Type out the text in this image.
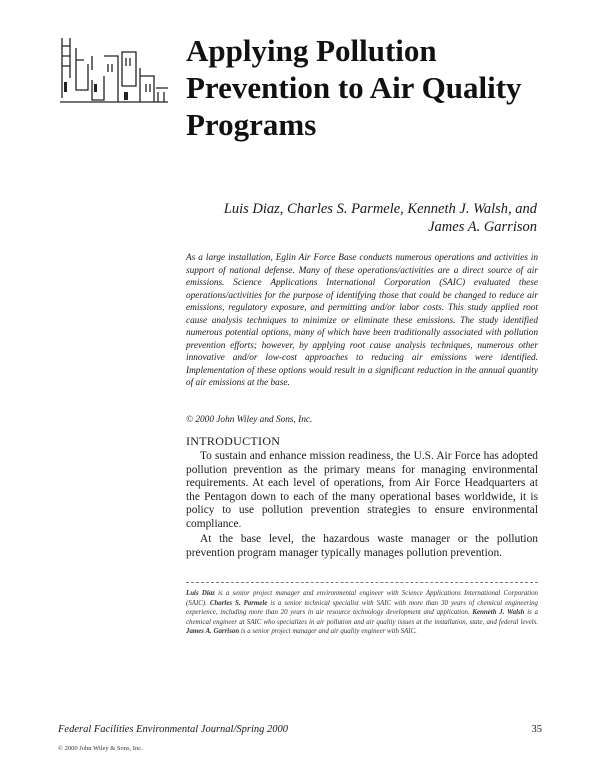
Applying Pollution
Prevention to Air Quality
Programs
Luis Diaz, Charles S. Parmele, Kenneth J. Walsh, and
James A. Garrison

As a large installation, Eglin Air Force Base conducts numerous operations and activities in support of national defense. Many of these operations/activities are a direct source of air emissions. Science Applications International Corporation (SAIC) evaluated these operations/activities for the purpose of identifying those that could be changed to reduce air emissions, regulatory exposure, and permitting and/or labor costs. This study applied root cause analysis techniques to minimize or eliminate these emissions. The study identified numerous potential options, many of which have been traditionally associated with pollution prevention efforts; however, by applying root cause analysis techniques, numerous other innovative and/or low-cost approaches to reducing air emissions were identified. Implementation of these options would result in a significant reduction in the annual quantity of air emissions at the base.

© 2000 John Wiley and Sons, Inc.

INTRODUCTION

To sustain and enhance mission readiness, the U.S. Air Force has adopted pollution prevention as the primary means for managing environmental requirements. At each level of operations, from Air Force Headquarters at the Pentagon down to each of the many operational bases worldwide, it is policy to use pollution prevention strategies to ensure environmental compliance.

At the base level, the hazardous waste manager or the pollution prevention program manager typically manages pollution prevention.

Luis Diaz is a senior project manager and environmental engineer with Science Applications International Corporation (SAIC). Charles S. Parmele is a senior technical specialist with SAIC with more than 30 years of chemical engineering experience, including more than 20 years in air resource technology development and application. Kenneth J. Walsh is a chemical engineer at SAIC who specializes in air pollution and air quality issues at the installation, state, and federal levels. James A. Garrison is a senior project manager and air quality engineer with SAIC.

Federal Facilities Environmental Journal/Spring 2000	35
© 2000 John Wiley & Sons, Inc.
